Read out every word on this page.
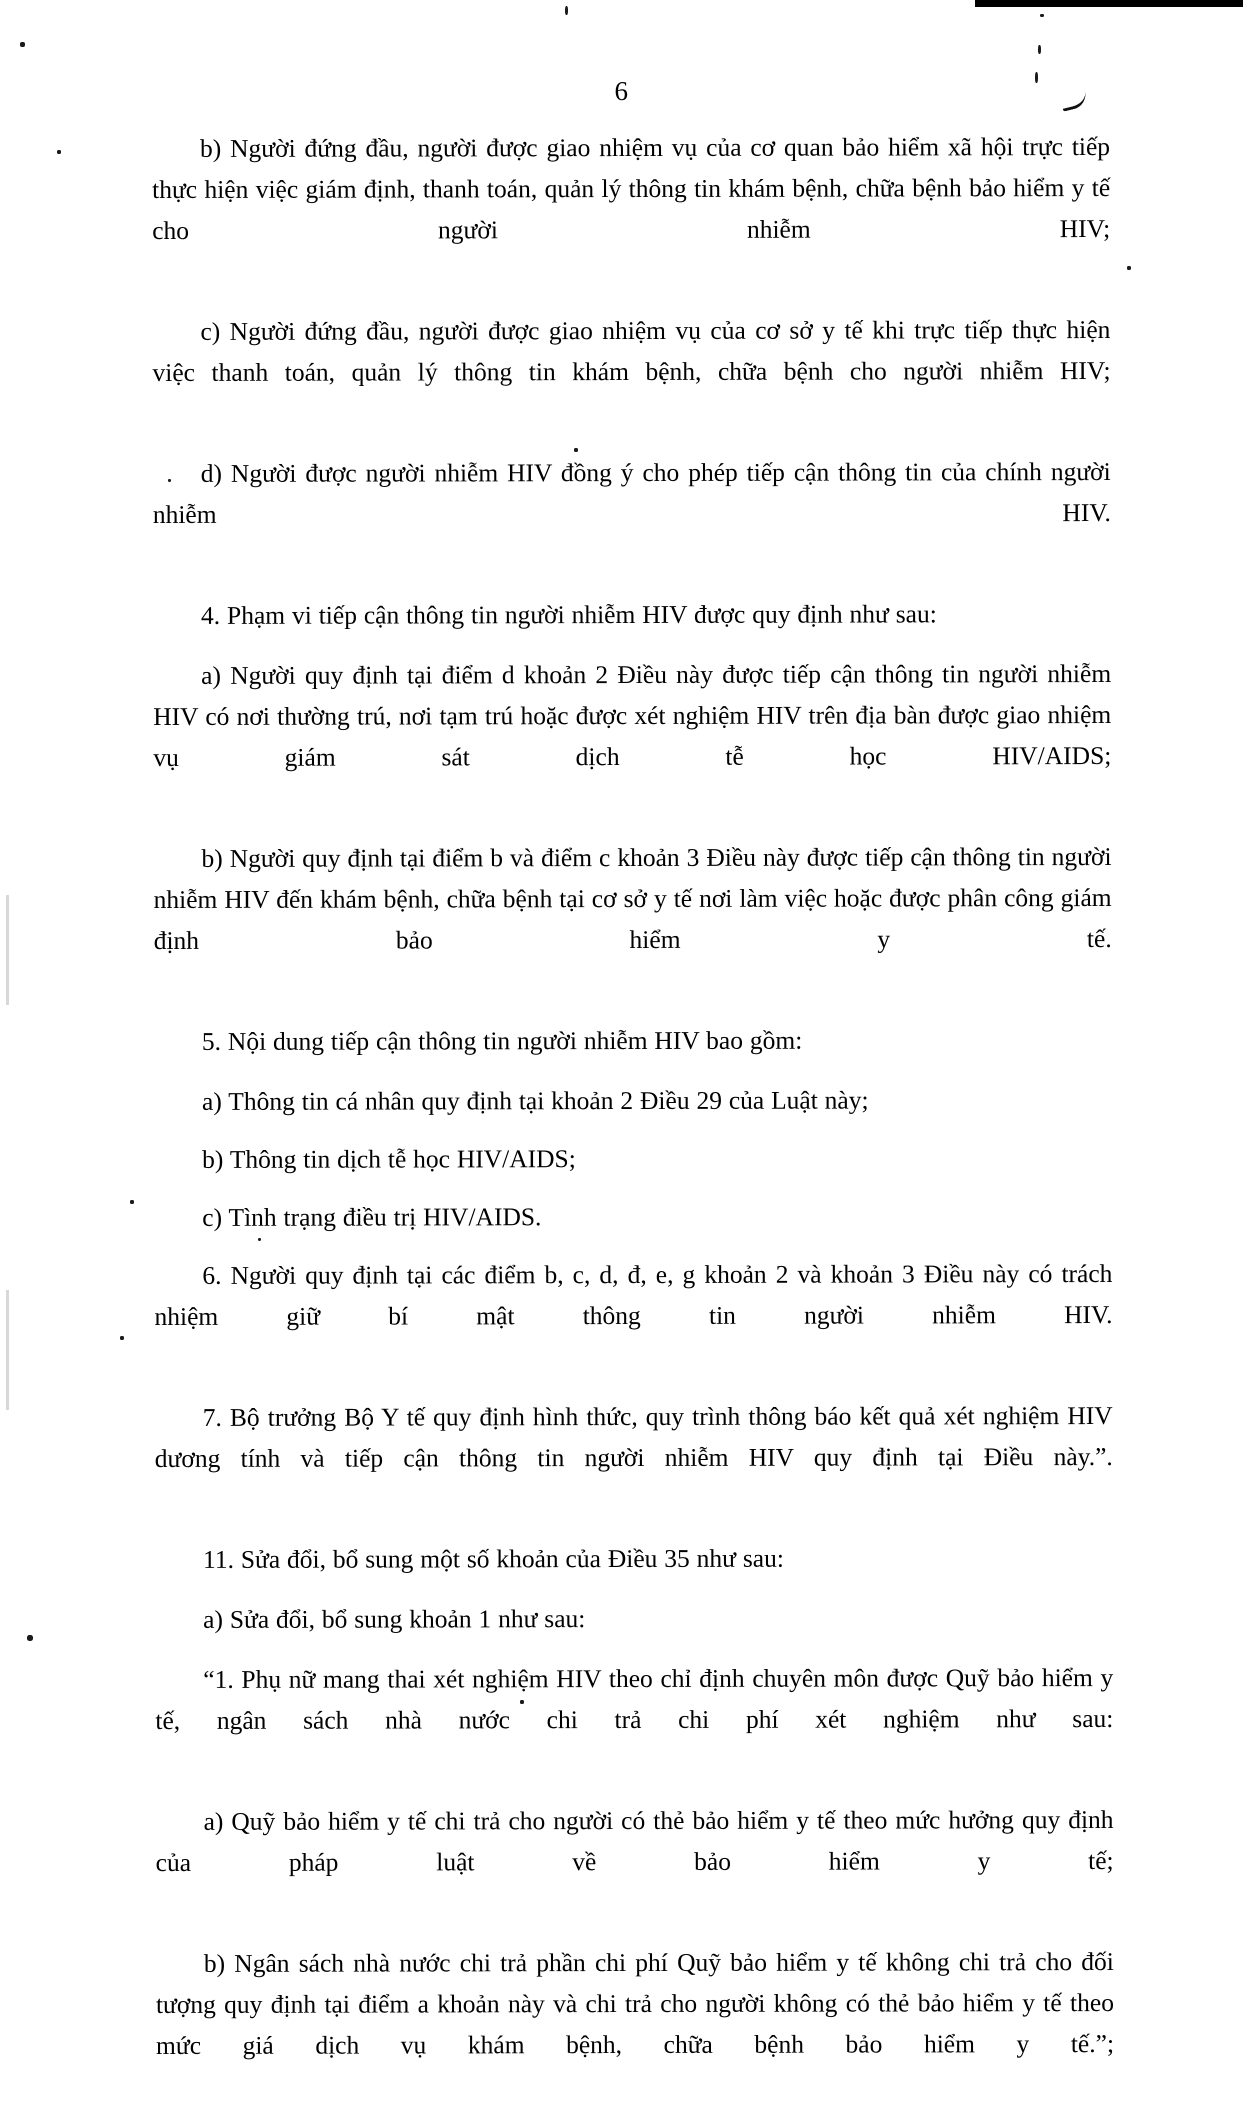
6

b) Người đứng đầu, người được giao nhiệm vụ của cơ quan bảo hiểm xã hội trực tiếp thực hiện việc giám định, thanh toán, quản lý thông tin khám bệnh, chữa bệnh bảo hiểm y tế cho người nhiễm HIV;

c) Người đứng đầu, người được giao nhiệm vụ của cơ sở y tế khi trực tiếp thực hiện việc thanh toán, quản lý thông tin khám bệnh, chữa bệnh cho người nhiễm HIV;

d) Người được người nhiễm HIV đồng ý cho phép tiếp cận thông tin của chính người nhiễm HIV.

4. Phạm vi tiếp cận thông tin người nhiễm HIV được quy định như sau:

a) Người quy định tại điểm d khoản 2 Điều này được tiếp cận thông tin người nhiễm HIV có nơi thường trú, nơi tạm trú hoặc được xét nghiệm HIV trên địa bàn được giao nhiệm vụ giám sát dịch tễ học HIV/AIDS;

b) Người quy định tại điểm b và điểm c khoản 3 Điều này được tiếp cận thông tin người nhiễm HIV đến khám bệnh, chữa bệnh tại cơ sở y tế nơi làm việc hoặc được phân công giám định bảo hiểm y tế.

5. Nội dung tiếp cận thông tin người nhiễm HIV bao gồm:

a) Thông tin cá nhân quy định tại khoản 2 Điều 29 của Luật này;

b) Thông tin dịch tễ học HIV/AIDS;

c) Tình trạng điều trị HIV/AIDS.

6. Người quy định tại các điểm b, c, d, đ, e, g khoản 2 và khoản 3 Điều này có trách nhiệm giữ bí mật thông tin người nhiễm HIV.

7. Bộ trưởng Bộ Y tế quy định hình thức, quy trình thông báo kết quả xét nghiệm HIV dương tính và tiếp cận thông tin người nhiễm HIV quy định tại Điều này.”.

11. Sửa đổi, bổ sung một số khoản của Điều 35 như sau:

a) Sửa đổi, bổ sung khoản 1 như sau:

“1. Phụ nữ mang thai xét nghiệm HIV theo chỉ định chuyên môn được Quỹ bảo hiểm y tế, ngân sách nhà nước chi trả chi phí xét nghiệm như sau:

a) Quỹ bảo hiểm y tế chi trả cho người có thẻ bảo hiểm y tế theo mức hưởng quy định của pháp luật về bảo hiểm y tế;

b) Ngân sách nhà nước chi trả phần chi phí Quỹ bảo hiểm y tế không chi trả cho đối tượng quy định tại điểm a khoản này và chi trả cho người không có thẻ bảo hiểm y tế theo mức giá dịch vụ khám bệnh, chữa bệnh bảo hiểm y tế.”;
